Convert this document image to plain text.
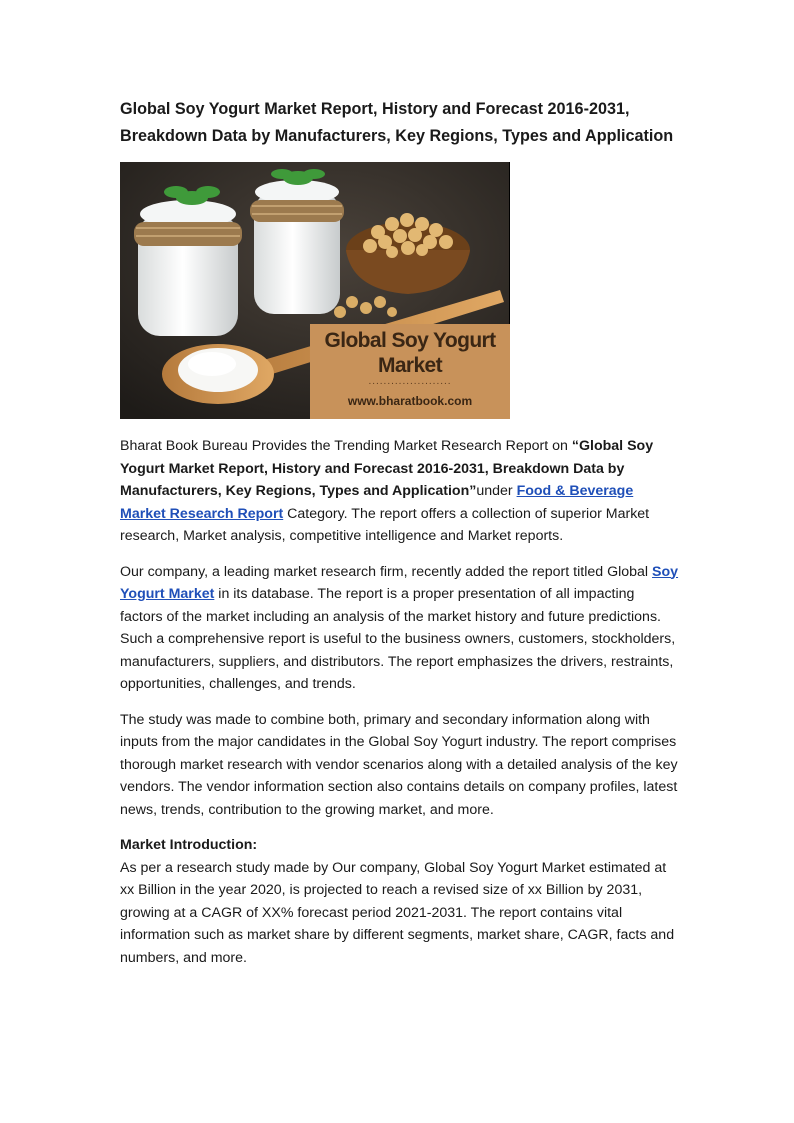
Global Soy Yogurt Market Report, History and Forecast 2016-2031, Breakdown Data by Manufacturers, Key Regions, Types and Application
Global Soy Yogurt Market
......................
www.bharatbook.com

Bharat Book Bureau Provides the Trending Market Research Report on “Global Soy Yogurt Market Report, History and Forecast 2016-2031, Breakdown Data by Manufacturers, Key Regions, Types and Application”under Food & Beverage Market Research Report Category. The report offers a collection of superior Market research, Market analysis, competitive intelligence and Market reports.

Our company, a leading market research firm, recently added the report titled Global Soy Yogurt Market in its database. The report is a proper presentation of all impacting factors of the market including an analysis of the market history and future predictions. Such a comprehensive report is useful to the business owners, customers, stockholders, manufacturers, suppliers, and distributors. The report emphasizes the drivers, restraints, opportunities, challenges, and trends.

The study was made to combine both, primary and secondary information along with inputs from the major candidates in the Global Soy Yogurt industry. The report comprises thorough market research with vendor scenarios along with a detailed analysis of the key vendors. The vendor information section also contains details on company profiles, latest news, trends, contribution to the growing market, and more.

Market Introduction:

As per a research study made by Our company, Global Soy Yogurt Market estimated at xx Billion in the year 2020, is projected to reach a revised size of xx Billion by 2031, growing at a CAGR of XX% forecast period 2021-2031. The report contains vital information such as market share by different segments, market share, CAGR, facts and numbers, and more.
